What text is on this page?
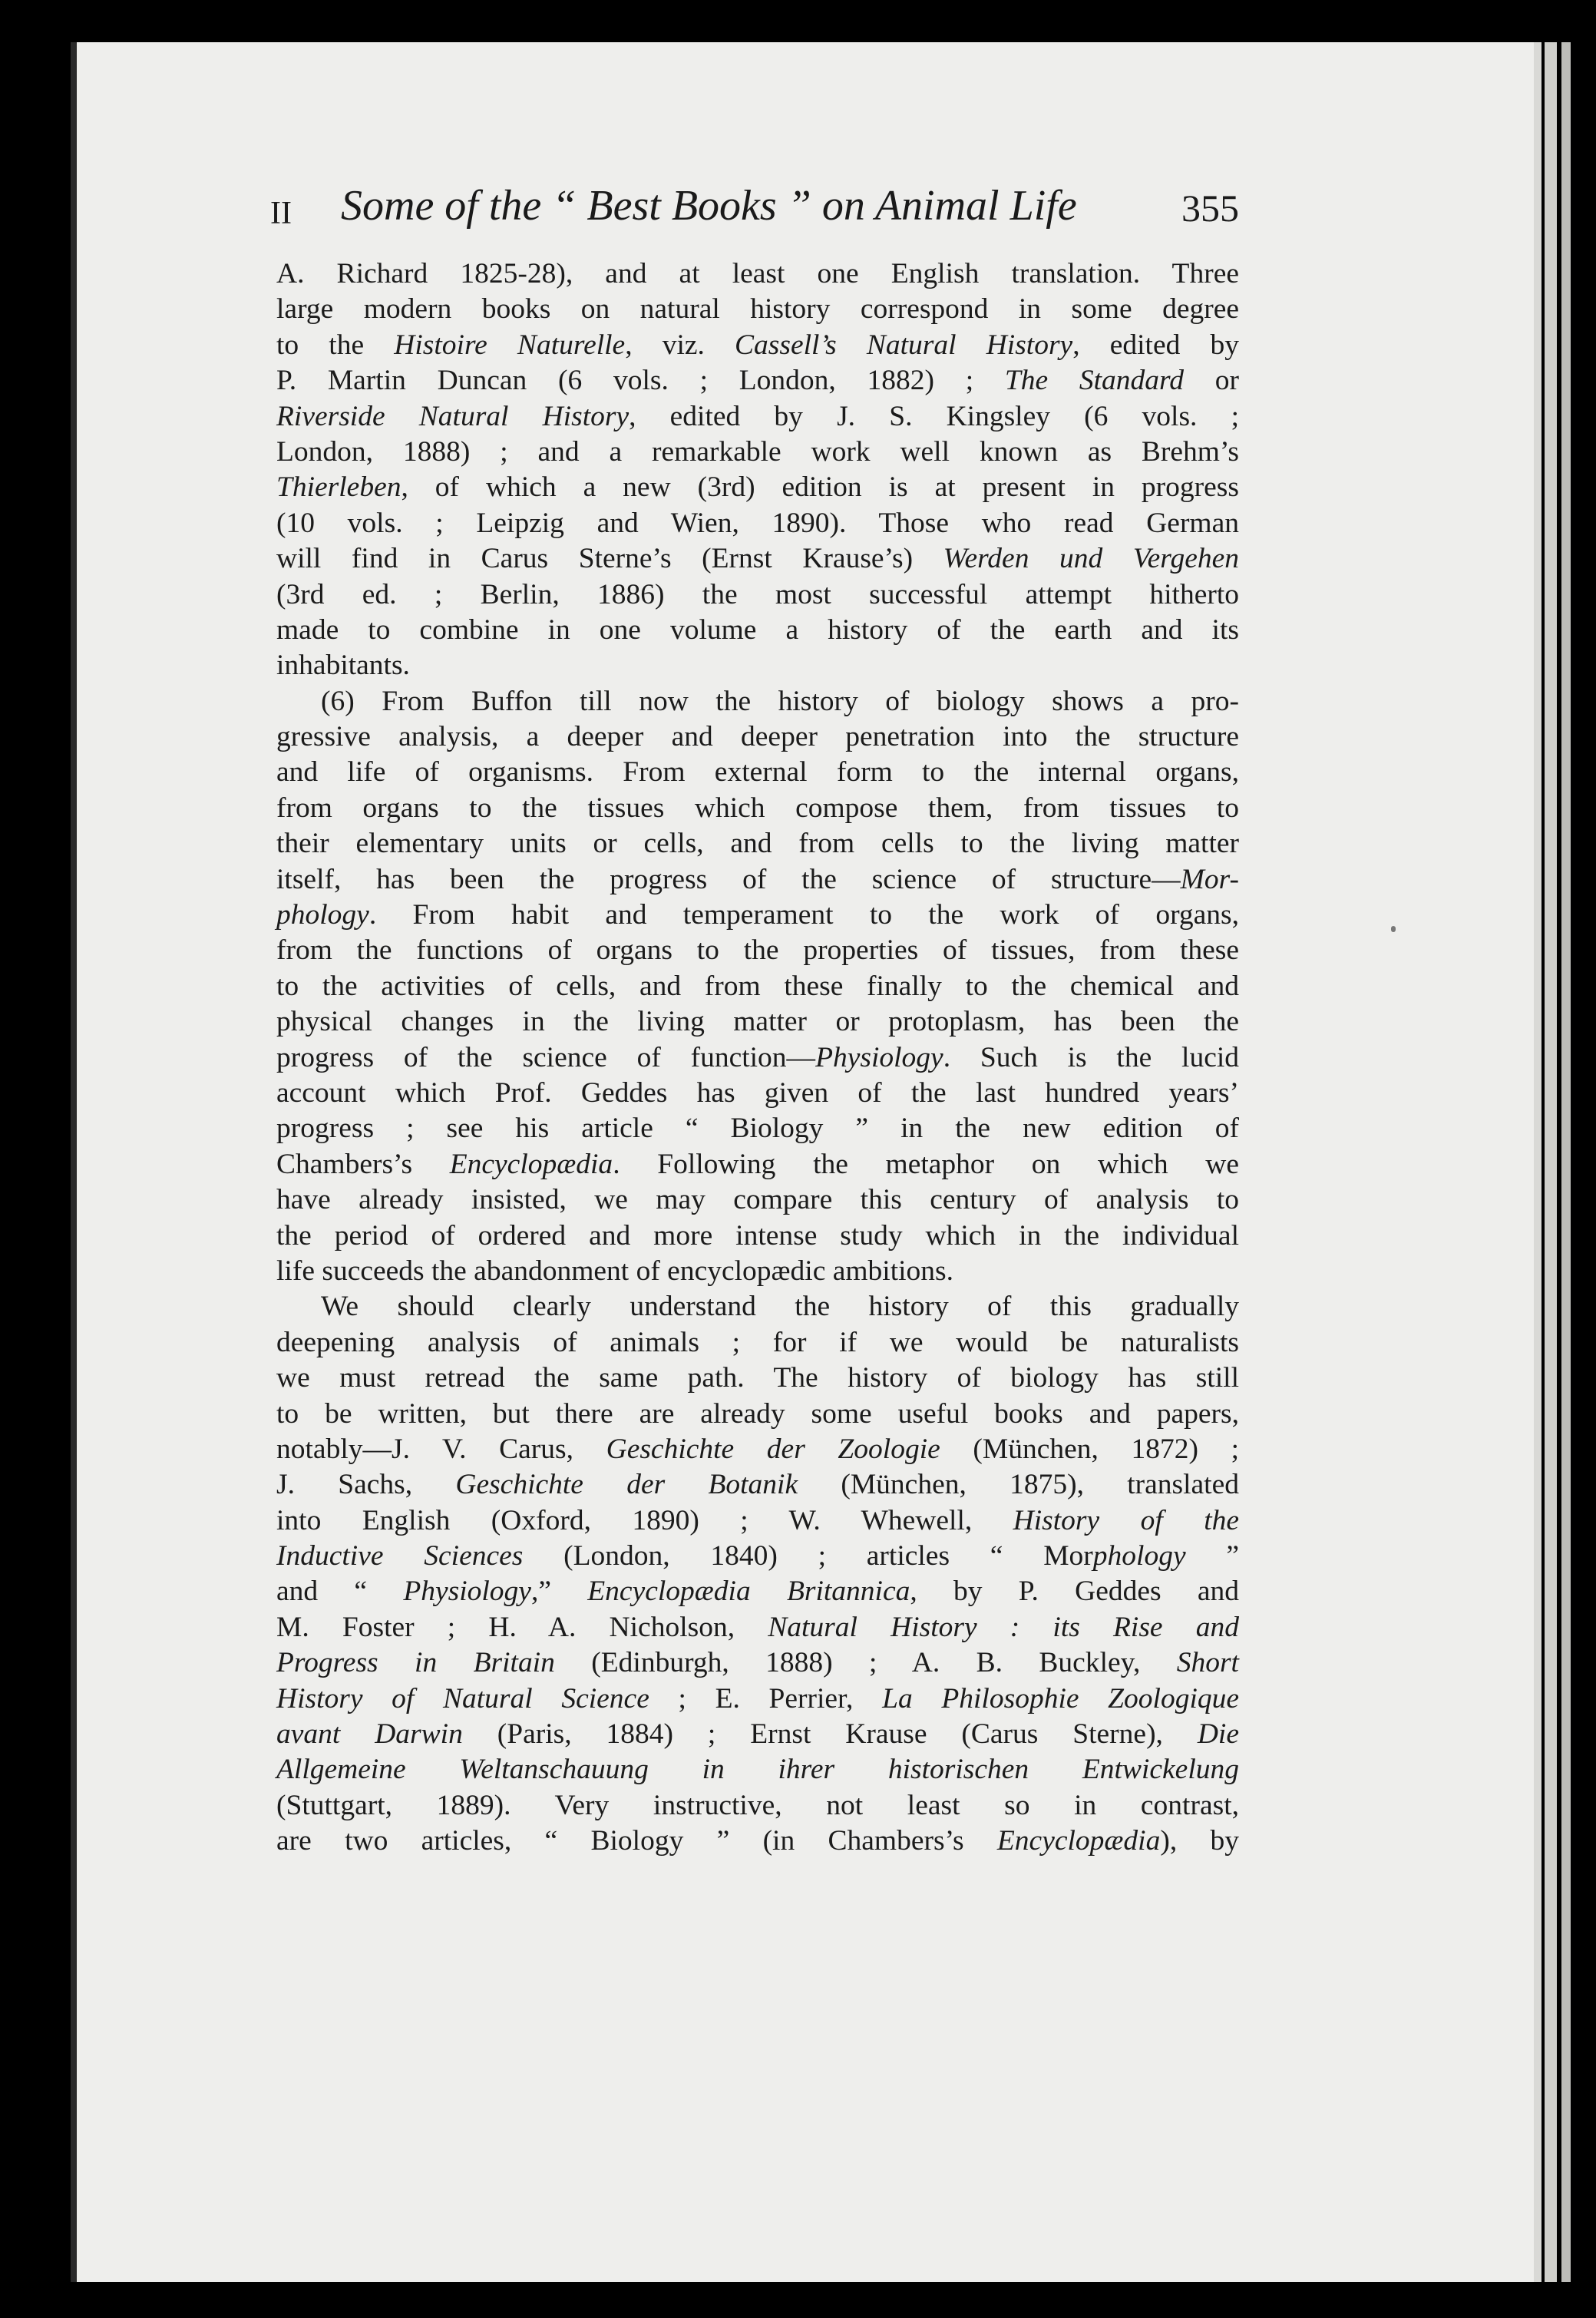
II Some of the “ Best Books ” on Animal Life	355
A. Richard 1825-28), and at least one English translation. Three
large modern books on natural history correspond in some degree
to the Histoire Naturelle, viz. Cassell’s Natural History, edited by
P. Martin Duncan (6 vols. ; London, 1882) ; The Standard or
Riverside Natural History, edited by J. S. Kingsley (6 vols. ;
London, 1888) ; and a remarkable work well known as Brehm’s
Thierleben, of which a new (3rd) edition is at present in progress
(10 vols. ; Leipzig and Wien, 1890). Those who read German
will find in Carus Sterne’s (Ernst Krause’s) Werden und Vergehen
(3rd ed. ; Berlin, 1886) the most successful attempt hitherto
made to combine in one volume a history of the earth and its
inhabitants.
(6) From Buffon till now the history of biology shows a pro-
gressive analysis, a deeper and deeper penetration into the structure
and life of organisms. From external form to the internal organs,
from organs to the tissues which compose them, from tissues to
their elementary units or cells, and from cells to the living matter
itself, has been the progress of the science of structure—Mor-
phology. From habit and temperament to the work of organs,
from the functions of organs to the properties of tissues, from these
to the activities of cells, and from these finally to the chemical and
physical changes in the living matter or protoplasm, has been the
progress of the science of function—Physiology. Such is the lucid
account which Prof. Geddes has given of the last hundred years’
progress ; see his article “ Biology ” in the new edition of
Chambers’s Encyclopædia. Following the metaphor on which we
have already insisted, we may compare this century of analysis to
the period of ordered and more intense study which in the individual
life succeeds the abandonment of encyclopædic ambitions.
We should clearly understand the history of this gradually
deepening analysis of animals ; for if we would be naturalists
we must retread the same path. The history of biology has still
to be written, but there are already some useful books and papers,
notably—J. V. Carus, Geschichte der Zoologie (München, 1872) ;
J. Sachs, Geschichte der Botanik (München, 1875), translated
into English (Oxford, 1890) ; W. Whewell, History of the
Inductive Sciences (London, 1840) ; articles “ Morphology ”
and “ Physiology,” Encyclopædia Britannica, by P. Geddes and
M. Foster ; H. A. Nicholson, Natural History : its Rise and
Progress in Britain (Edinburgh, 1888) ; A. B. Buckley, Short
History of Natural Science ; E. Perrier, La Philosophie Zoologique
avant Darwin (Paris, 1884) ; Ernst Krause (Carus Sterne), Die
Allgemeine Weltanschauung in ihrer historischen Entwickelung
(Stuttgart, 1889). Very instructive, not least so in contrast,
are two articles, “ Biology ” (in Chambers’s Encyclopædia), by
